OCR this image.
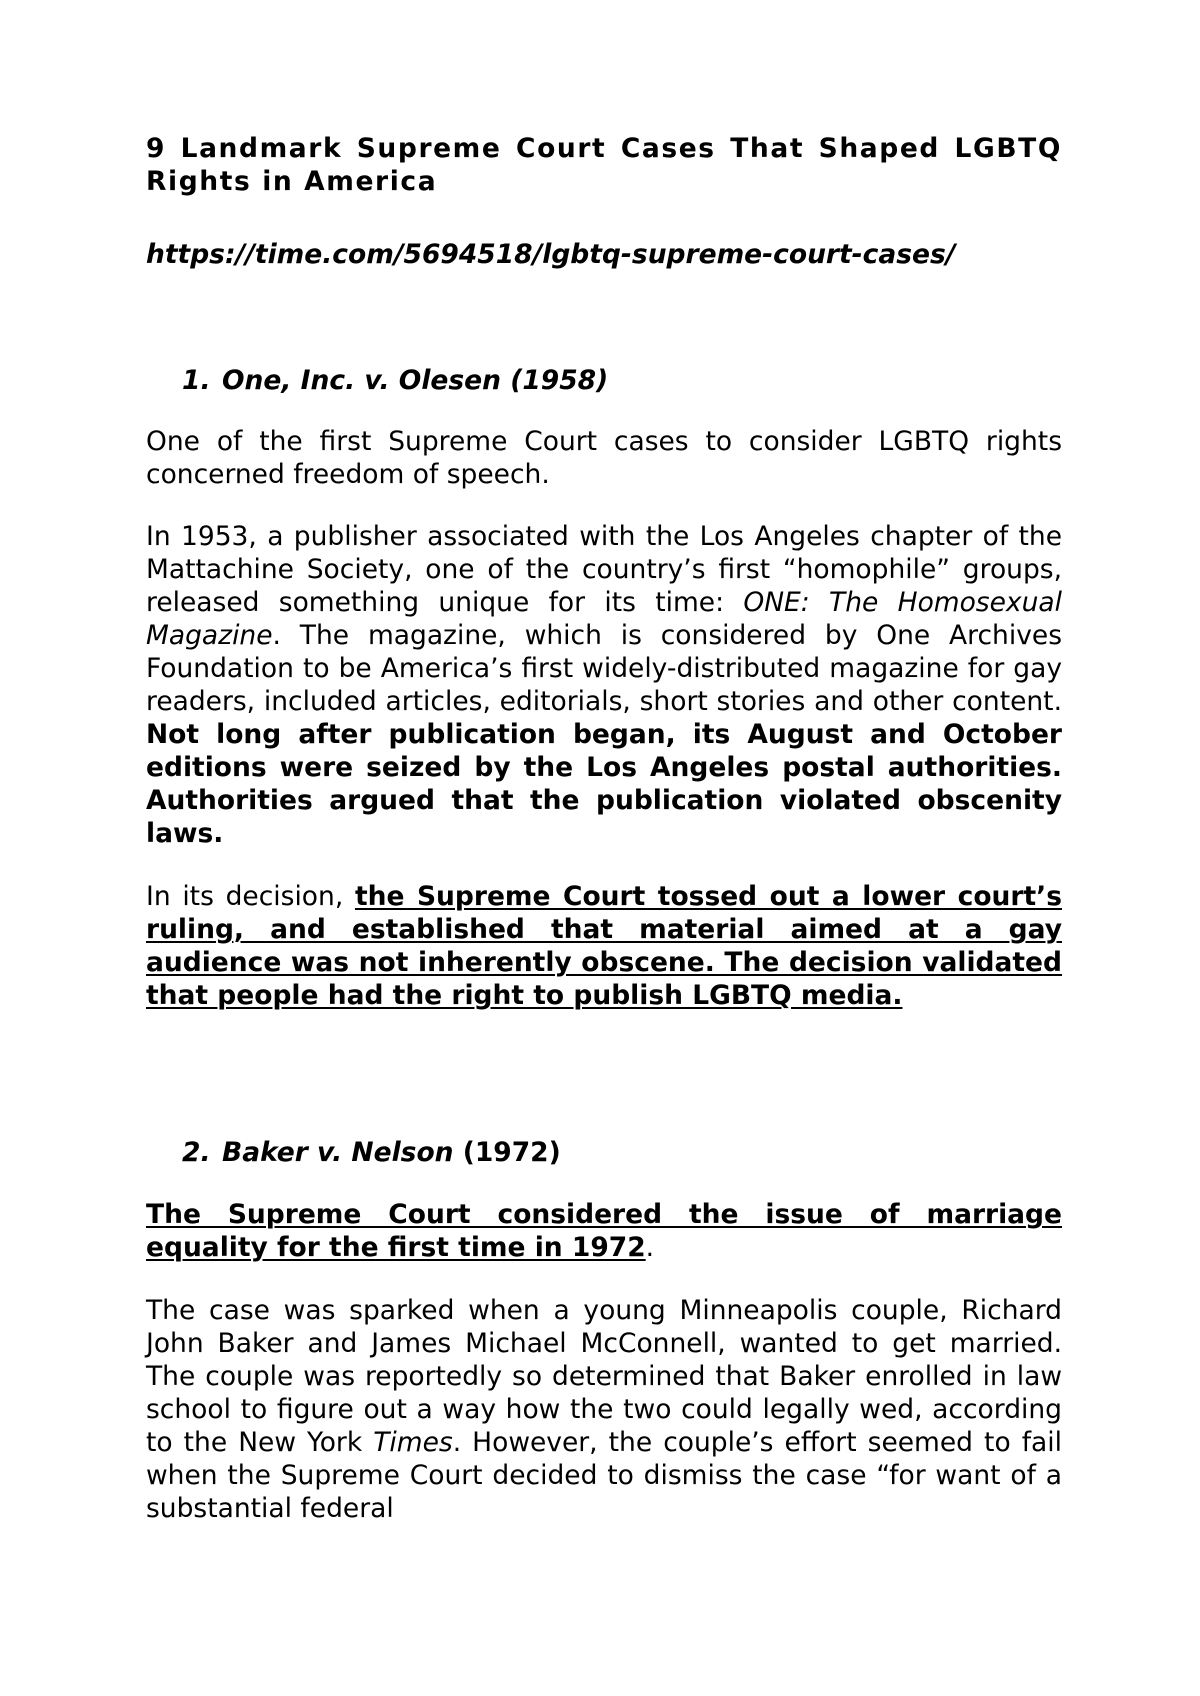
9 Landmark Supreme Court Cases That Shaped LGBTQ Rights in America

https://time.com/5694518/lgbtq-supreme-court-cases/

1. One, Inc. v. Olesen (1958)

One of the first Supreme Court cases to consider LGBTQ rights concerned freedom of speech.

In 1953, a publisher associated with the Los Angeles chapter of the Mattachine Society, one of the country’s first “homophile” groups, released something unique for its time: ONE: The Homosexual Magazine. The magazine, which is considered by One Archives Foundation to be America’s first widely-distributed magazine for gay readers, included articles, editorials, short stories and other content. Not long after publication began, its August and October editions were seized by the Los Angeles postal authorities. Authorities argued that the publication violated obscenity laws.

In its decision, the Supreme Court tossed out a lower court’s ruling, and established that material aimed at a gay audience was not inherently obscene. The decision validated that people had the right to publish LGBTQ media.

2. Baker v. Nelson (1972)

The Supreme Court considered the issue of marriage equality for the first time in 1972.

The case was sparked when a young Minneapolis couple, Richard John Baker and James Michael McConnell, wanted to get married. The couple was reportedly so determined that Baker enrolled in law school to figure out a way how the two could legally wed, according to the New York Times. However, the couple’s effort seemed to fail when the Supreme Court decided to dismiss the case “for want of a substantial federal
